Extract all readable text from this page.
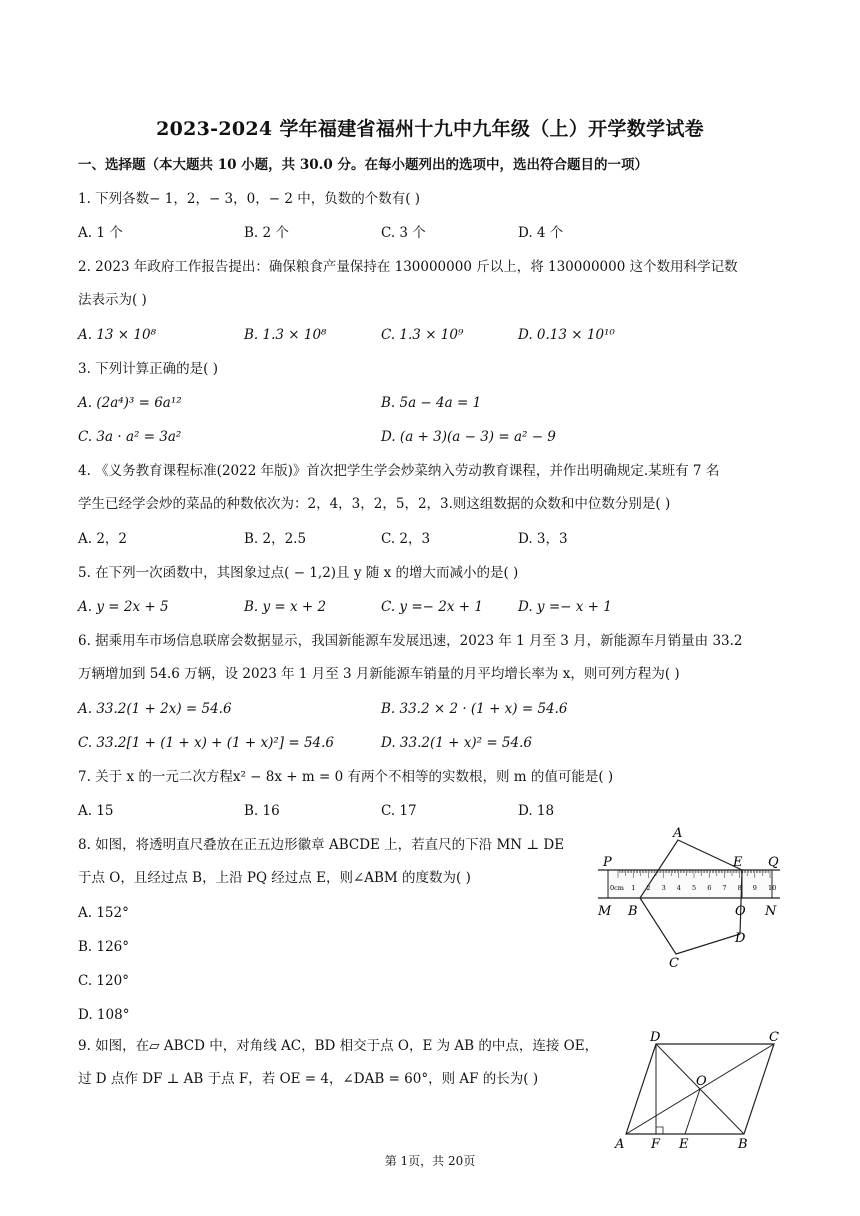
2023-2024 学年福建省福州十九中九年级（上）开学数学试卷
一、选择题（本大题共 10 小题，共 30.0 分。在每小题列出的选项中，选出符合题目的一项）
1. 下列各数− 1，2，− 3，0，− 2 中，负数的个数有( )
A. 1 个	B. 2 个	C. 3 个	D. 4 个
2. 2023 年政府工作报告提出：确保粮食产量保持在 130000000 斤以上，将 130000000 这个数用科学记数
法表示为( )
A. 13 × 10⁸	B. 1.3 × 10⁸	C. 1.3 × 10⁹	D. 0.13 × 10¹⁰
3. 下列计算正确的是( )
A. (2a⁴)³ = 6a¹²	B. 5a − 4a = 1
C. 3a · a² = 3a²	D. (a + 3)(a − 3) = a² − 9
4. 《义务教育课程标准(2022 年版)》首次把学生学会炒菜纳入劳动教育课程，并作出明确规定.某班有 7 名
学生已经学会炒的菜品的种数依次为：2，4，3，2，5，2，3.则这组数据的众数和中位数分别是( )
A. 2，2	B. 2，2.5	C. 2，3	D. 3，3
5. 在下列一次函数中，其图象过点( − 1,2)且 y 随 x 的增大而减小的是( )
A. y = 2x + 5	B. y = x + 2	C. y =− 2x + 1	D. y =− x + 1
6. 据乘用车市场信息联席会数据显示，我国新能源车发展迅速，2023 年 1 月至 3 月，新能源车月销量由 33.2
万辆增加到 54.6 万辆，设 2023 年 1 月至 3 月新能源车销量的月平均增长率为 x，则可列方程为( )
A. 33.2(1 + 2x) = 54.6	B. 33.2 × 2 · (1 + x) = 54.6
C. 33.2[1 + (1 + x) + (1 + x)²] = 54.6	D. 33.2(1 + x)² = 54.6
7. 关于 x 的一元二次方程x² − 8x + m = 0 有两个不相等的实数根，则 m 的值可能是( )
A. 15	B. 16	C. 17	D. 18
8. 如图，将透明直尺叠放在正五边形徽章 ABCDE 上，若直尺的下沿 MN ⊥ DE
于点 O，且经过点 B，上沿 PQ 经过点 E，则∠ABM 的度数为( )
A. 152°
B. 126°
C. 120°
D. 108°
1 2 3 4 5 6 7 8 9 10
A
E
P	Q
M B	O N
D
C
0cm
9. 如图，在▱ ABCD 中，对角线 AC，BD 相交于点 O，E 为 AB 的中点，连接 OE，
过 D 点作 DF ⊥ AB 于点 F，若 OE = 4，∠DAB = 60°，则 AF 的长为( )
D	C
O
A F E	B
第 1页，共 20页
